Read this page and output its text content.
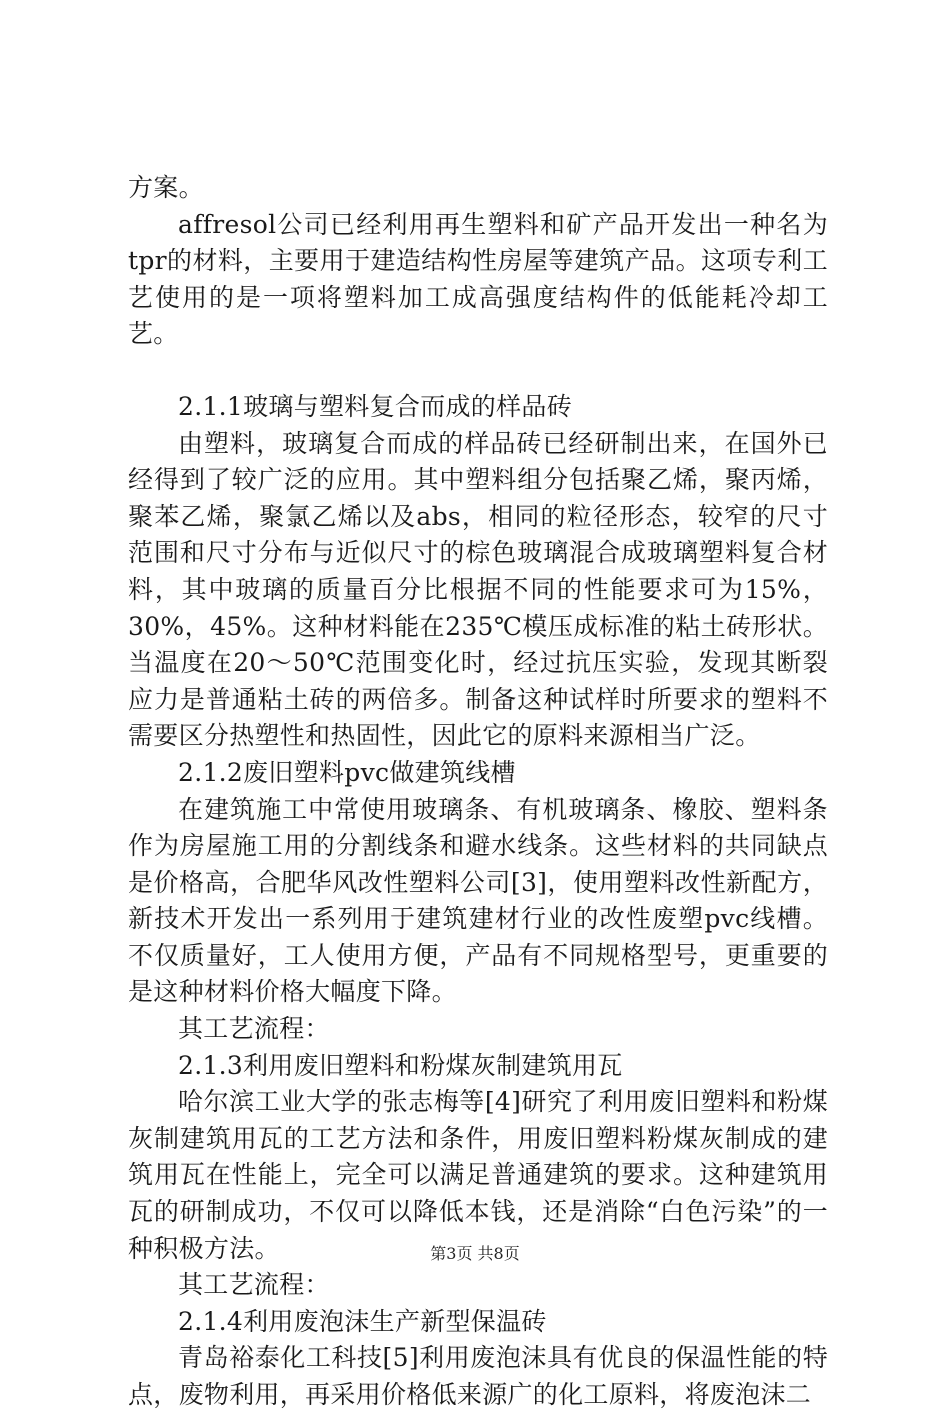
方案。

affresol公司已经利用再生塑料和矿产品开发出一种名为tpr的材料，主要用于建造结构性房屋等建筑产品。这项专利工艺使用的是一项将塑料加工成高强度结构件的低能耗冷却工艺。

2.1.1玻璃与塑料复合而成的样品砖

由塑料，玻璃复合而成的样品砖已经研制出来，在国外已经得到了较广泛的应用。其中塑料组分包括聚乙烯，聚丙烯，聚苯乙烯，聚氯乙烯以及abs，相同的粒径形态，较窄的尺寸范围和尺寸分布与近似尺寸的棕色玻璃混合成玻璃塑料复合材料，其中玻璃的质量百分比根据不同的性能要求可为15%，30%，45%。这种材料能在235℃模压成标准的粘土砖形状。当温度在20～50℃范围变化时，经过抗压实验，发现其断裂应力是普通粘土砖的两倍多。制备这种试样时所要求的塑料不需要区分热塑性和热固性，因此它的原料来源相当广泛。

2.1.2废旧塑料pvc做建筑线槽

在建筑施工中常使用玻璃条、有机玻璃条、橡胶、塑料条作为房屋施工用的分割线条和避水线条。这些材料的共同缺点是价格高，合肥华风改性塑料公司[3]，使用塑料改性新配方，新技术开发出一系列用于建筑建材行业的改性废塑pvc线槽。不仅质量好，工人使用方便，产品有不同规格型号，更重要的是这种材料价格大幅度下降。

其工艺流程：

2.1.3利用废旧塑料和粉煤灰制建筑用瓦

哈尔滨工业大学的张志梅等[4]研究了利用废旧塑料和粉煤灰制建筑用瓦的工艺方法和条件，用废旧塑料粉煤灰制成的建筑用瓦在性能上，完全可以满足普通建筑的要求。这种建筑用瓦的研制成功，不仅可以降低本钱，还是消除“白色污染”的一种积极方法。

其工艺流程：

2.1.4利用废泡沫生产新型保温砖

青岛裕泰化工科技[5]利用废泡沫具有优良的保温性能的特点，废物利用，再采用价格低来源广的化工原料，将废泡沫二

第3页 共8页
